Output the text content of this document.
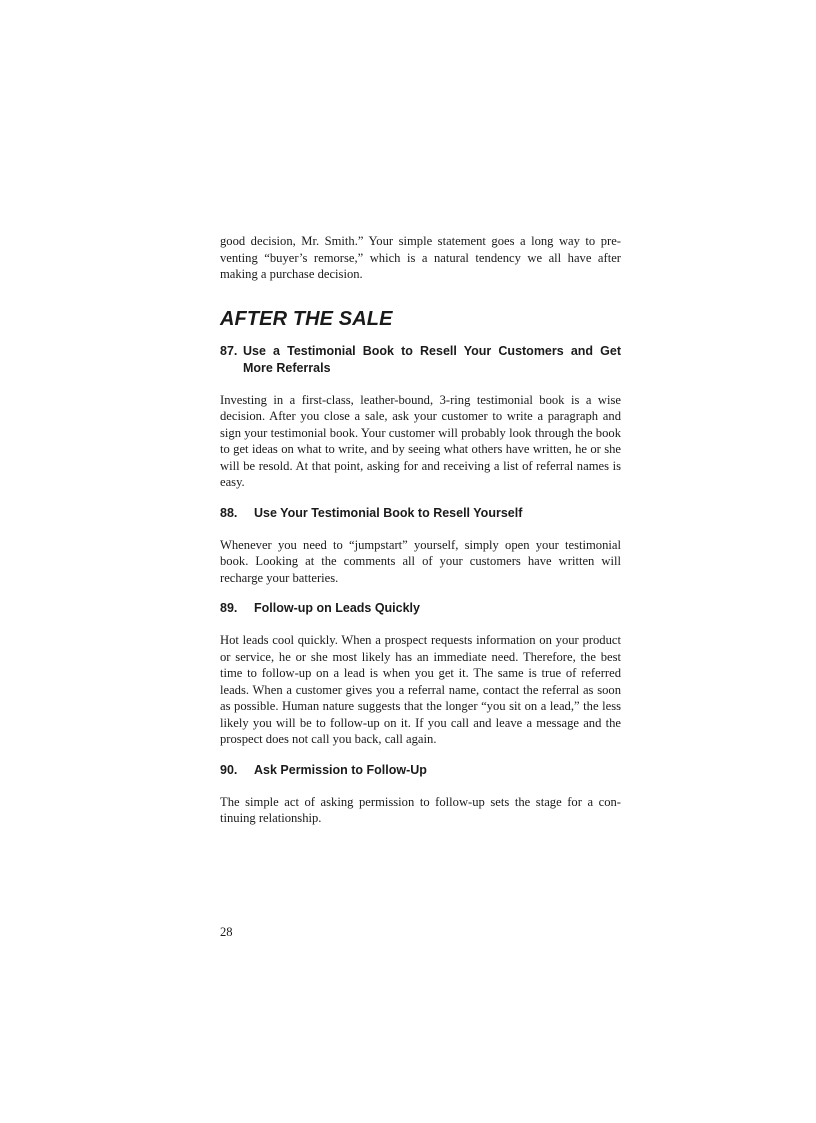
good decision, Mr. Smith.” Your simple statement goes a long way to preventing “buyer’s remorse,” which is a natural tendency we all have after making a purchase decision.

AFTER THE SALE
87. Use a Testimonial Book to Resell Your Customers and Get More Referrals

Investing in a first-class, leather-bound, 3-ring testimonial book is a wise decision. After you close a sale, ask your customer to write a paragraph and sign your testimonial book. Your customer will probably look through the book to get ideas on what to write, and by seeing what others have written, he or she will be resold. At that point, asking for and receiving a list of referral names is easy.

88.	Use Your Testimonial Book to Resell Yourself

Whenever you need to “jumpstart” yourself, simply open your testimonial book. Looking at the comments all of your customers have written will recharge your batteries.

89.	Follow-up on Leads Quickly

Hot leads cool quickly. When a prospect requests information on your product or service, he or she most likely has an immediate need. Therefore, the best time to follow-up on a lead is when you get it. The same is true of referred leads. When a customer gives you a referral name, contact the referral as soon as possible. Human nature suggests that the longer “you sit on a lead,” the less likely you will be to follow-up on it. If you call and leave a message and the prospect does not call you back, call again.

90.	Ask Permission to Follow-Up

The simple act of asking permission to follow-up sets the stage for a continuing relationship.

28
